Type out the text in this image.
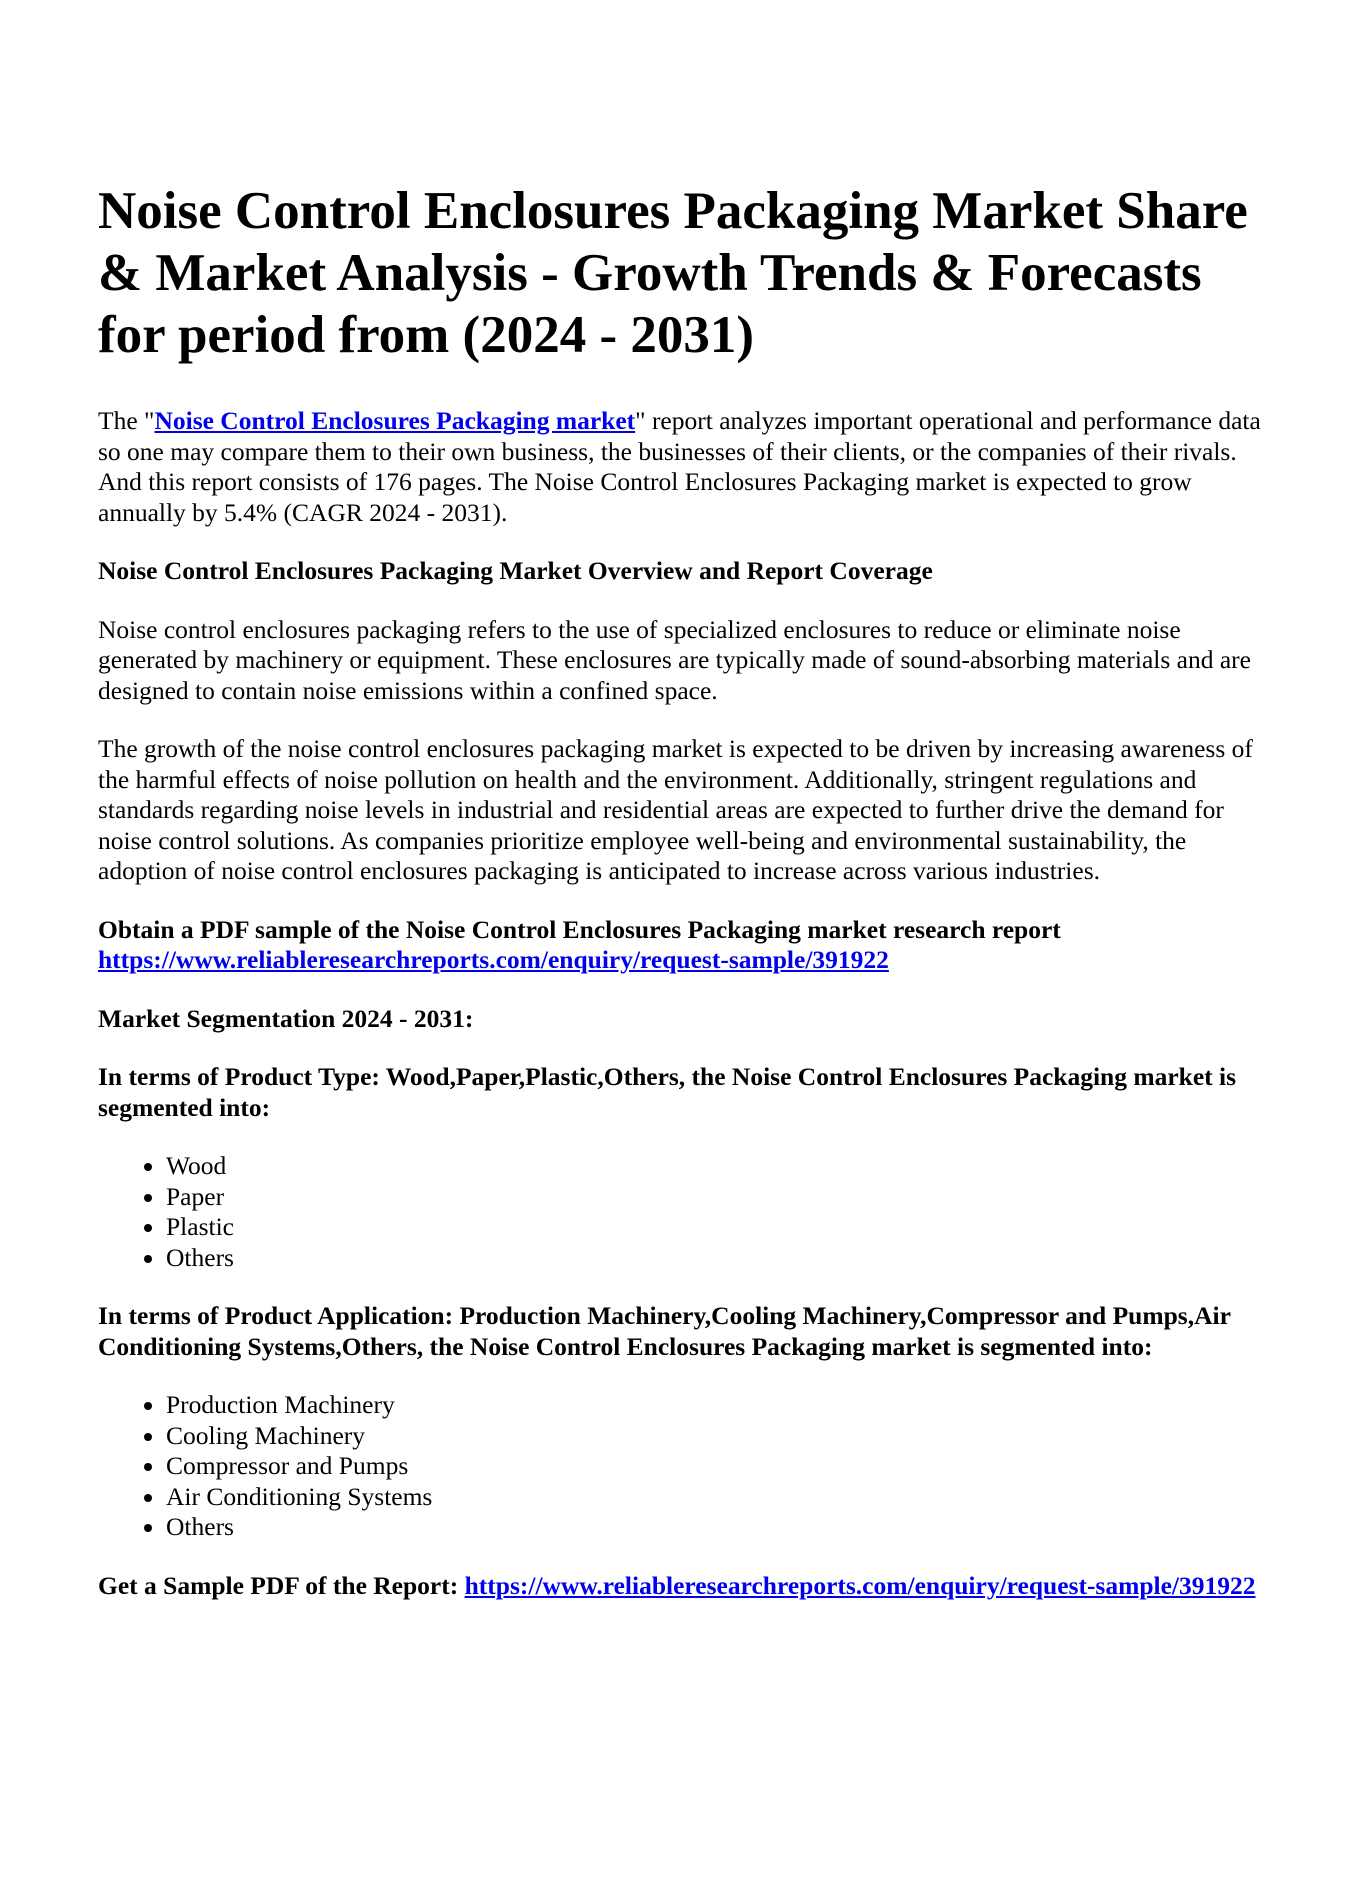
Noise Control Enclosures Packaging Market Share & Market Analysis - Growth Trends & Forecasts for period from (2024 - 2031)

The "Noise Control Enclosures Packaging market" report analyzes important operational and performance data so one may compare them to their own business, the businesses of their clients, or the companies of their rivals. And this report consists of 176 pages. The Noise Control Enclosures Packaging market is expected to grow annually by 5.4% (CAGR 2024 - 2031).

Noise Control Enclosures Packaging Market Overview and Report Coverage

Noise control enclosures packaging refers to the use of specialized enclosures to reduce or eliminate noise generated by machinery or equipment. These enclosures are typically made of sound-absorbing materials and are designed to contain noise emissions within a confined space.

The growth of the noise control enclosures packaging market is expected to be driven by increasing awareness of the harmful effects of noise pollution on health and the environment. Additionally, stringent regulations and standards regarding noise levels in industrial and residential areas are expected to further drive the demand for noise control solutions. As companies prioritize employee well-being and environmental sustainability, the adoption of noise control enclosures packaging is anticipated to increase across various industries.

Obtain a PDF sample of the Noise Control Enclosures Packaging market research report https://www.reliableresearchreports.com/enquiry/request-sample/391922

Market Segmentation 2024 - 2031:

In terms of Product Type: Wood,Paper,Plastic,Others, the Noise Control Enclosures Packaging market is segmented into:

• Wood
• Paper
• Plastic
• Others

In terms of Product Application: Production Machinery,Cooling Machinery,Compressor and Pumps,Air Conditioning Systems,Others, the Noise Control Enclosures Packaging market is segmented into:

• Production Machinery
• Cooling Machinery
• Compressor and Pumps
• Air Conditioning Systems
• Others

Get a Sample PDF of the Report: https://www.reliableresearchreports.com/enquiry/request-sample/391922
